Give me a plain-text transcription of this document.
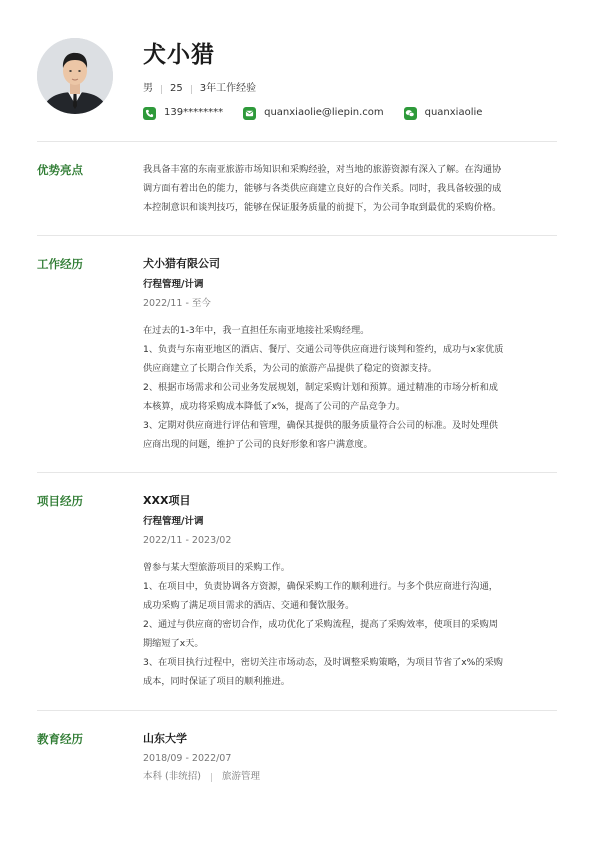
犬小猎
男 25 3年工作经验
139********	quanxiaolie@liepin.com	quanxiaolie
优势亮点	我具备丰富的东南亚旅游市场知识和采购经验，对当地的旅游资源有深入了解。在沟通协

调方面有着出色的能力，能够与各类供应商建立良好的合作关系。同时，我具备较强的成

本控制意识和谈判技巧，能够在保证服务质量的前提下，为公司争取到最优的采购价格。

工作经历	犬小猎有限公司
行程管理/计调
2022/11 - 至今

在过去的1-3年中，我一直担任东南亚地接社采购经理。

1、负责与东南亚地区的酒店、餐厅、交通公司等供应商进行谈判和签约，成功与x家优质

供应商建立了长期合作关系，为公司的旅游产品提供了稳定的资源支持。

2、根据市场需求和公司业务发展规划，制定采购计划和预算。通过精准的市场分析和成

本核算，成功将采购成本降低了x%，提高了公司的产品竞争力。

3、定期对供应商进行评估和管理，确保其提供的服务质量符合公司的标准。及时处理供

应商出现的问题，维护了公司的良好形象和客户满意度。

项目经历	XXX项目
行程管理/计调
2022/11 - 2023/02

曾参与某大型旅游项目的采购工作。

1、在项目中，负责协调各方资源，确保采购工作的顺利进行。与多个供应商进行沟通，

成功采购了满足项目需求的酒店、交通和餐饮服务。

2、通过与供应商的密切合作，成功优化了采购流程，提高了采购效率，使项目的采购周

期缩短了x天。

3、在项目执行过程中，密切关注市场动态，及时调整采购策略，为项目节省了x%的采购

成本，同时保证了项目的顺利推进。

教育经历	山东大学
2018/09 - 2022/07
本科 (非统招) 旅游管理
